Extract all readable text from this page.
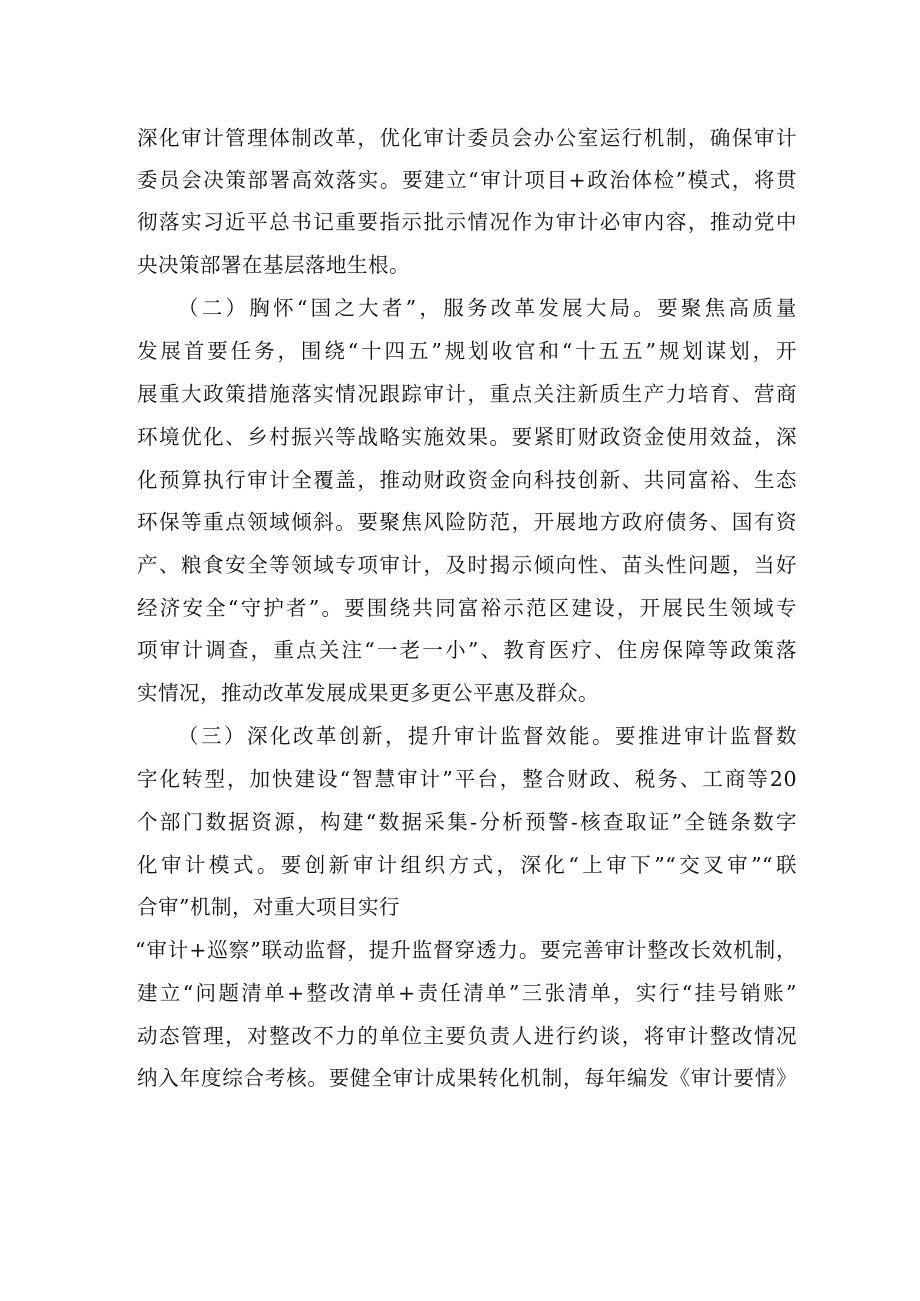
深化审计管理体制改革，优化审计委员会办公室运行机制，确保审计
委员会决策部署高效落实。要建立“审计项目+政治体检”模式，将贯
彻落实习近平总书记重要指示批示情况作为审计必审内容，推动党中
央决策部署在基层落地生根。
（二）胸怀“国之大者”，服务改革发展大局。要聚焦高质量
发展首要任务，围绕“十四五”规划收官和“十五五”规划谋划，开
展重大政策措施落实情况跟踪审计，重点关注新质生产力培育、营商
环境优化、乡村振兴等战略实施效果。要紧盯财政资金使用效益，深
化预算执行审计全覆盖，推动财政资金向科技创新、共同富裕、生态
环保等重点领域倾斜。要聚焦风险防范，开展地方政府债务、国有资
产、粮食安全等领域专项审计，及时揭示倾向性、苗头性问题，当好
经济安全“守护者”。要围绕共同富裕示范区建设，开展民生领域专
项审计调查，重点关注“一老一小”、教育医疗、住房保障等政策落
实情况，推动改革发展成果更多更公平惠及群众。
（三）深化改革创新，提升审计监督效能。要推进审计监督数
字化转型，加快建设“智慧审计”平台，整合财政、税务、工商等20
个部门数据资源，构建“数据采集-分析预警-核查取证”全链条数字
化审计模式。要创新审计组织方式，深化“上审下”“交叉审”“联
合审”机制，对重大项目实行
“审计+巡察”联动监督，提升监督穿透力。要完善审计整改长效机制，
建立“问题清单+整改清单+责任清单”三张清单，实行“挂号销账”
动态管理，对整改不力的单位主要负责人进行约谈，将审计整改情况
纳入年度综合考核。要健全审计成果转化机制，每年编发《审计要情》
